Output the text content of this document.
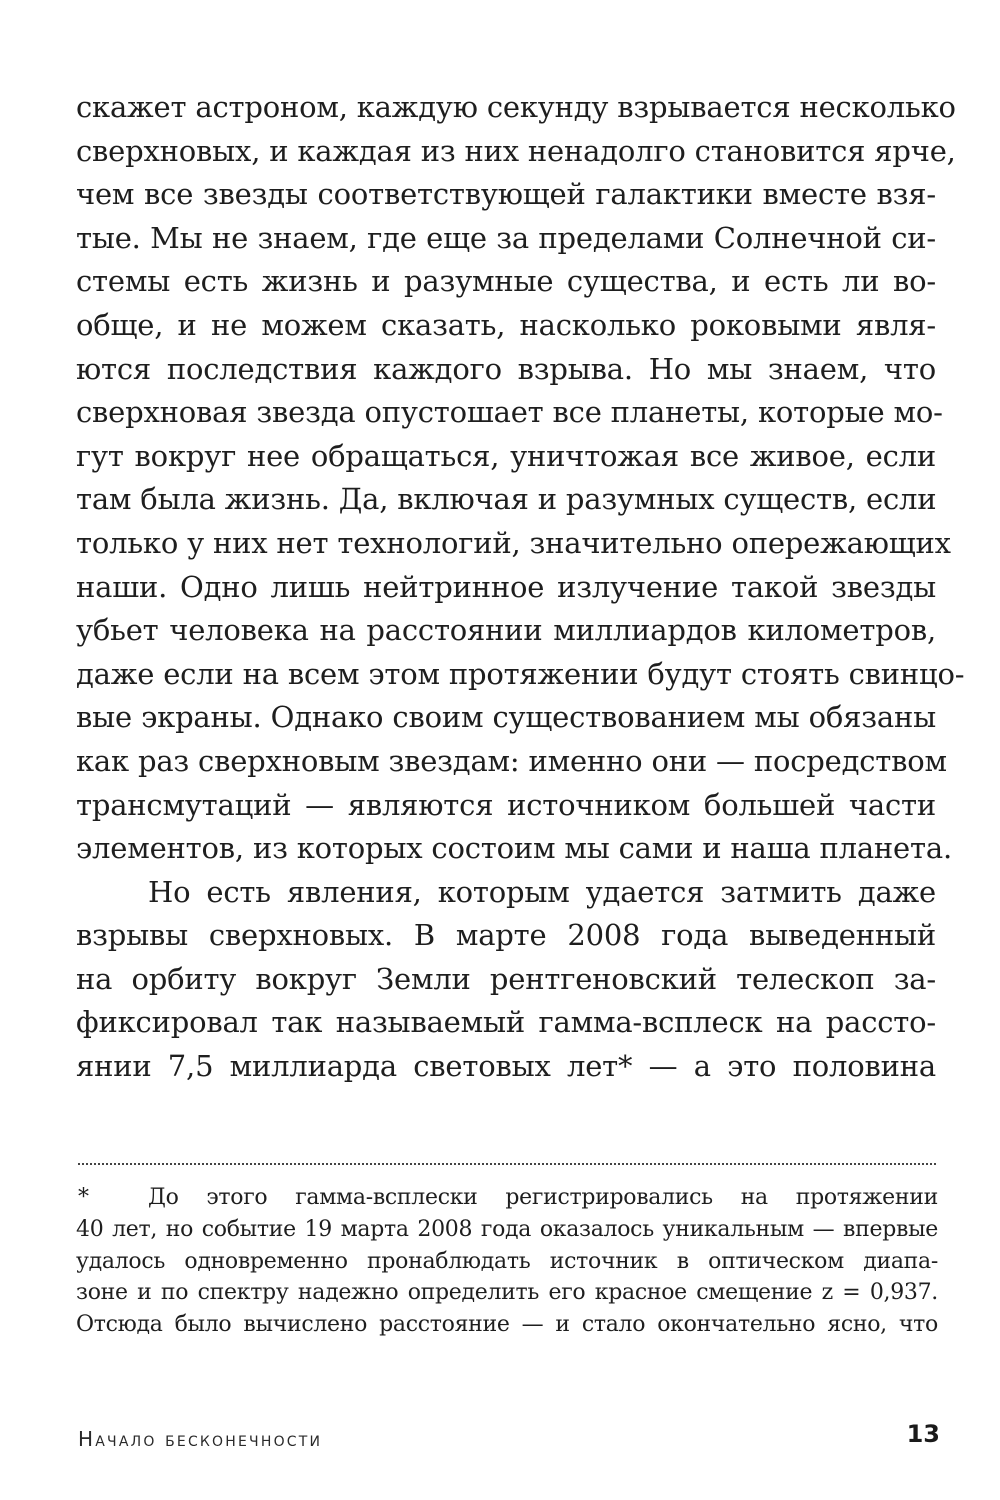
скажет астроном, каждую секунду взрывается несколько
сверхновых, и каждая из них ненадолго становится ярче,
чем все звезды соответствующей галактики вместе взя-
тые. Мы не знаем, где еще за пределами Солнечной си-
стемы есть жизнь и разумные существа, и есть ли во-
обще, и не можем сказать, насколько роковыми явля-
ются последствия каждого взрыва. Но мы знаем, что
сверхновая звезда опустошает все планеты, которые мо-
гут вокруг нее обращаться, уничтожая все живое, если
там была жизнь. Да, включая и разумных существ, если
только у них нет технологий, значительно опережающих
наши. Одно лишь нейтринное излучение такой звезды
убьет человека на расстоянии миллиардов километров,
даже если на всем этом протяжении будут стоять свинцо-
вые экраны. Однако своим существованием мы обязаны
как раз сверхновым звездам: именно они — посредством
трансмутаций — являются источником большей части
элементов, из которых состоим мы сами и наша планета.
Но есть явления, которым удается затмить даже
взрывы сверхновых. В марте 2008 года выведенный
на орбиту вокруг Земли рентгеновский телескоп за-
фиксировал так называемый гамма-всплеск на рассто-
янии 7,5 миллиарда световых лет* — а это половина
*	До этого гамма-всплески регистрировались на протяжении
40 лет, но событие 19 марта 2008 года оказалось уникальным — впервые
удалось одновременно пронаблюдать источник в оптическом диапа-
зоне и по спектру надежно определить его красное смещение z = 0,937.
Отсюда было вычислено расстояние — и стало окончательно ясно, что
Начало бесконечности	13
